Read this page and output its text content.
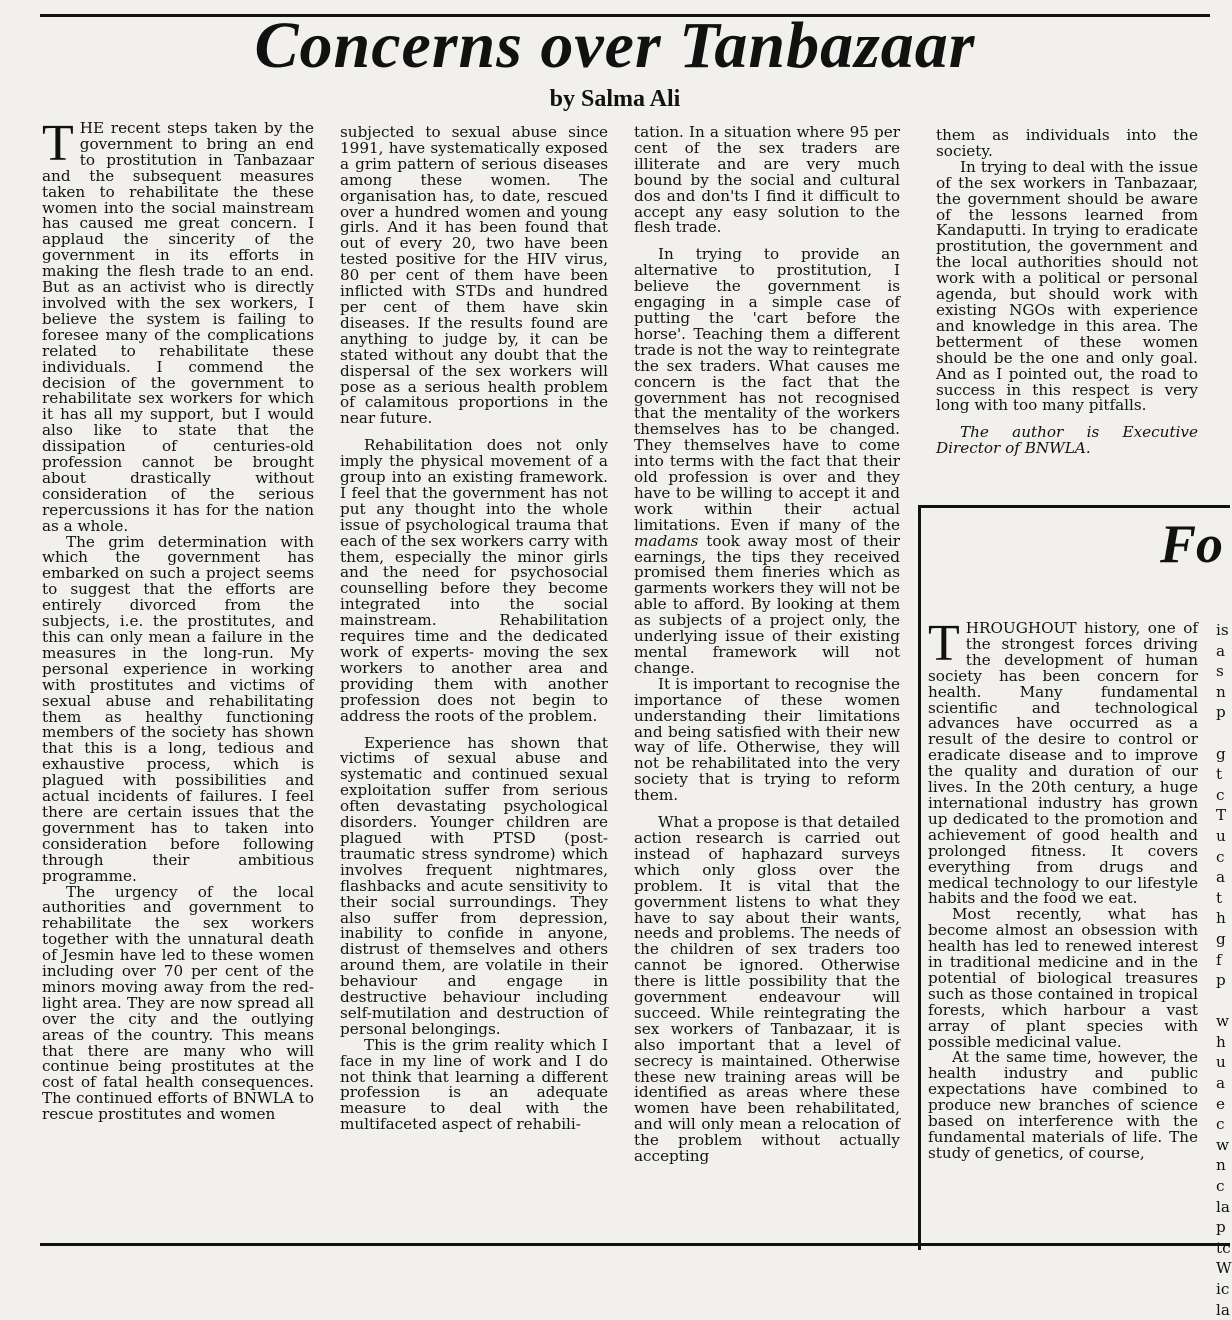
Concerns over Tanbazaar
by Salma Ali

THE recent steps taken by the government to bring an end to prostitution in Tanbazaar and the subsequent measures taken to rehabilitate the these women into the social mainstream has caused me great concern. I applaud the sincerity of the government in its efforts in making the flesh trade to an end. But as an activist who is directly involved with the sex workers, I believe the system is failing to foresee many of the complications related to rehabilitate these individuals. I commend the decision of the government to rehabilitate sex workers for which it has all my support, but I would also like to state that the dissipation of centuries-old profession cannot be brought about drastically without consideration of the serious repercussions it has for the nation as a whole.

The grim determination with which the government has embarked on such a project seems to suggest that the efforts are entirely divorced from the subjects, i.e. the prostitutes, and this can only mean a failure in the measures in the long-run. My personal experience in working with prostitutes and victims of sexual abuse and rehabilitating them as healthy functioning members of the society has shown that this is a long, tedious and exhaustive process, which is plagued with possibilities and actual incidents of failures. I feel there are certain issues that the government has to taken into consideration before following through their ambitious programme.

The urgency of the local authorities and government to rehabilitate the sex workers together with the unnatural death of Jesmin have led to these women including over 70 per cent of the minors moving away from the red-light area. They are now spread all over the city and the outlying areas of the country. This means that there are many who will continue being prostitutes at the cost of fatal health consequences. The continued efforts of BNWLA to rescue prostitutes and women

subjected to sexual abuse since 1991, have systematically exposed a grim pattern of serious diseases among these women. The organisation has, to date, rescued over a hundred women and young girls. And it has been found that out of every 20, two have been tested positive for the HIV virus, 80 per cent of them have been inflicted with STDs and hundred per cent of them have skin diseases. If the results found are anything to judge by, it can be stated without any doubt that the dispersal of the sex workers will pose as a serious health problem of calamitous proportions in the near future.

Rehabilitation does not only imply the physical movement of a group into an existing framework. I feel that the government has not put any thought into the whole issue of psychological trauma that each of the sex workers carry with them, especially the minor girls and the need for psychosocial counselling before they become integrated into the social mainstream. Rehabilitation requires time and the dedicated work of experts- moving the sex workers to another area and providing them with another profession does not begin to address the roots of the problem.

Experience has shown that victims of sexual abuse and systematic and continued sexual exploitation suffer from serious often devastating psychological disorders. Younger children are plagued with PTSD (post-traumatic stress syndrome) which involves frequent nightmares, flashbacks and acute sensitivity to their social surroundings. They also suffer from depression, inability to confide in anyone, distrust of themselves and others around them, are volatile in their behaviour and engage in destructive behaviour including self-mutilation and destruction of personal belongings.

This is the grim reality which I face in my line of work and I do not think that learning a different profession is an adequate measure to deal with the multifaceted aspect of rehabili-

tation. In a situation where 95 per cent of the sex traders are illiterate and are very much bound by the social and cultural dos and don'ts I find it difficult to accept any easy solution to the flesh trade.

In trying to provide an alternative to prostitution, I believe the government is engaging in a simple case of putting the 'cart before the horse'. Teaching them a different trade is not the way to reintegrate the sex traders. What causes me concern is the fact that the government has not recognised that the mentality of the workers themselves has to be changed. They themselves have to come into terms with the fact that their old profession is over and they have to be willing to accept it and work within their actual limitations. Even if many of the madams took away most of their earnings, the tips they received promised them fineries which as garments workers they will not be able to afford. By looking at them as subjects of a project only, the underlying issue of their existing mental framework will not change.

It is important to recognise the importance of these women understanding their limitations and being satisfied with their new way of life. Otherwise, they will not be rehabilitated into the very society that is trying to reform them.

What a propose is that detailed action research is carried out instead of haphazard surveys which only gloss over the problem. It is vital that the government listens to what they have to say about their wants, needs and problems. The needs of the children of sex traders too cannot be ignored. Otherwise there is little possibility that the government endeavour will succeed. While reintegrating the sex workers of Tanbazaar, it is also important that a level of secrecy is maintained. Otherwise these new training areas will be identified as areas where these women have been rehabilitated, and will only mean a relocation of the problem without actually accepting

them as individuals into the society.

In trying to deal with the issue of the sex workers in Tanbazaar, the government should be aware of the lessons learned from Kandaputti. In trying to eradicate prostitution, the government and the local authorities should not work with a political or personal agenda, but should work with existing NGOs with experience and knowledge in this area. The betterment of these women should be the one and only goal. And as I pointed out, the road to success in this respect is very long with too many pitfalls.

The author is Executive Director of BNWLA.

Fo

THROUGHOUT history, one of the strongest forces driving the development of human society has been concern for health. Many fundamental scientific and technological advances have occurred as a result of the desire to control or eradicate disease and to improve the quality and duration of our lives. In the 20th century, a huge international industry has grown up dedicated to the promotion and achievement of good health and prolonged fitness. It covers everything from drugs and medical technology to our lifestyle habits and the food we eat.

Most recently, what has become almost an obsession with health has led to renewed interest in traditional medicine and in the potential of biological treasures such as those contained in tropical forests, which harbour a vast array of plant species with possible medicinal value.

At the same time, however, the health industry and public expectations have combined to produce new branches of science based on interference with the fundamental materials of life. The study of genetics, of course,

is
a
s
n
p

g
t
c
T
u
c
a
t
h
g
f
p

w
h
u
a
e
c
w
n
c
la
p
tc
W
ic
la
